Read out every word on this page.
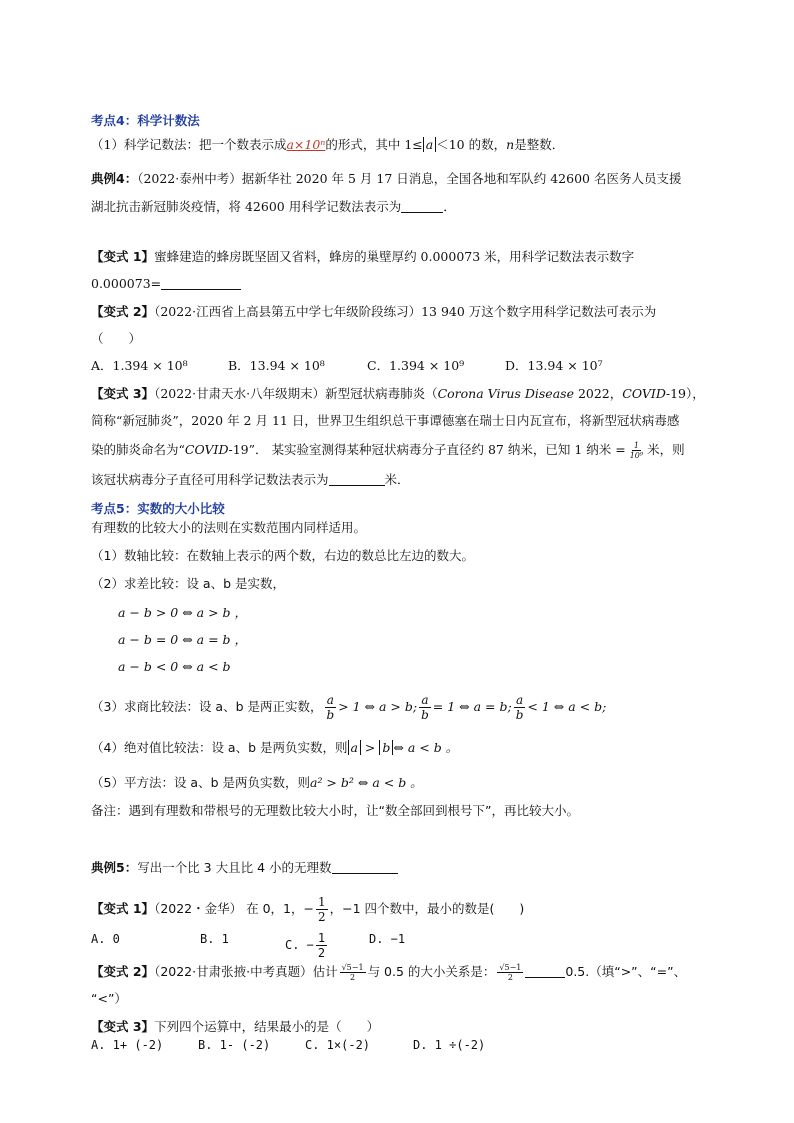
考点4：科学计数法
（1）科学记数法：把一个数表示成a×10ⁿ的形式，其中 1≤ a ＜10 的数，n是整数．
典例4：（2022·泰州中考）据新华社 2020 年 5 月 17 日消息，全国各地和军队约 42600 名医务人员支援
湖北抗击新冠肺炎疫情，将 42600 用科学记数法表示为	．
【变式 1】蜜蜂建造的蜂房既坚固又省料，蜂房的巢壁厚约 0.000073 米，用科学记数法表示数字
0.000073=
【变式 2】（2022·江西省上高县第五中学七年级阶段练习）13 940 万这个数字用科学记数法可表示为
（　　）
A．1.394 × 10⁸	B．13.94 × 10⁸	C．1.394 × 10⁹	D．13.94 × 10⁷
【变式 3】（2022·甘肃天水·八年级期末）新型冠状病毒肺炎（Corona Virus Disease 2022，COVID-19），
简称“新冠肺炎”，2020 年 2 月 11 日，世界卫生组织总干事谭德塞在瑞士日内瓦宣布，将新型冠状病毒感
染的肺炎命名为“COVID-19”． 某实验室测得某种冠状病毒分子直径约 87 纳米，已知 1 纳米 = $\frac{1}{\text{10⁹}}$ 米，则
该冠状病毒分子直径可用科学记数法表示为	米．
考点5：实数的大小比较
有理数的比较大小的法则在实数范围内同样适用。
（1）数轴比较：在数轴上表示的两个数，右边的数总比左边的数大。
（2）求差比较：设 a、b 是实数，
a − b > 0 ⇔ a > b ，
a − b = 0 ⇔ a = b ，
a − b < 0 ⇔ a < b
（3）求商比较法：设 a、b 是两正实数， $\frac{a}{b} > 1$ ⇔ a > b; $\frac{a}{b} = 1$ ⇔ a = b; $\frac{a}{b} < 1$ ⇔ a < b;
（4）绝对值比较法：设 a、b 是两负实数，则 a > b ⇔ a < b 。
（5）平方法：设 a、b 是两负实数，则a² > b² ⇔ a < b 。
备注：遇到有理数和带根号的无理数比较大小时，让“数全部回到根号下”，再比较大小。
典例5：写出一个比 3 大且比 4 小的无理数
【变式 1】（2022・金华） 在 0，1，− $\frac{1}{2}$ ，−1 四个数中，最小的数是(　　)
A. 0	B. 1	C. − $\frac{1}{2}$	D. −1
【变式 2】（2022·甘肃张掖·中考真题）估计 $\frac{√5-1}{2}$ 与 0.5 的大小关系是： $\frac{√5-1}{2}$	0.5.（填“>”、“=”、
“<”）
【变式 3】下列四个运算中，结果最小的是（　　）
A. 1+ (-2)	B. 1- (-2)	C. 1×(-2)	D. 1 ÷(-2)
